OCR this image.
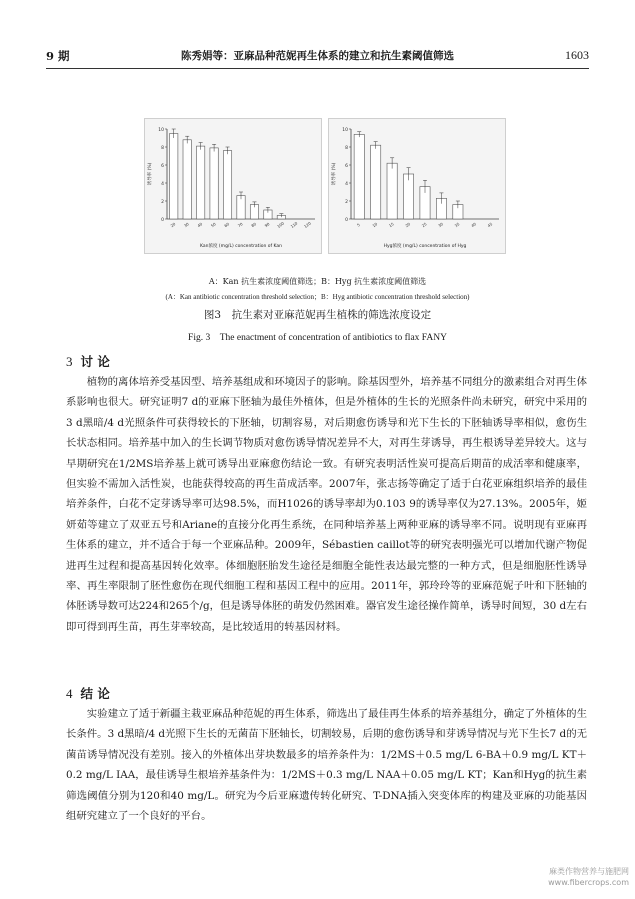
9 期	陈秀娟等：亚麻品种范妮再生体系的建立和抗生素阈值筛选	1603
0
2
4
6
8
10
诱导率 (%)
20 30 40 50 60 70 80 90 100 110 120
Kan浓度 (mg/L) concentration of Kan
0
2
4
6
8
10
诱导率 (%)
5	10	15	20	25	30	35	40	45
Hyg浓度 (mg/L) concentration of Hyg
A：Kan 抗生素浓度阈值筛选；B：Hyg 抗生素浓度阈值筛选
(A：Kan antibiotic concentration threshold selection；B：Hyg antibiotic concentration threshold selection)
图3　抗生素对亚麻范妮再生植株的筛选浓度设定
Fig. 3　The enactment of concentration of antibiotics to flax FANY
3 讨 论

植物的离体培养受基因型、培养基组成和环境因子的影响。除基因型外，培养基不同组分的激素组合对再生体系影响也很大。研究证明7 d的亚麻下胚轴为最佳外植体，但是外植体的生长的光照条件尚未研究，研究中采用的3 d黑暗/4 d光照条件可获得较长的下胚轴，切割容易，对后期愈伤诱导和光下生长的下胚轴诱导率相似，愈伤生长状态相同。培养基中加入的生长调节物质对愈伤诱导情况差异不大，对再生芽诱导，再生根诱导差异较大。这与早期研究在1/2MS培养基上就可诱导出亚麻愈伤结论一致。有研究表明活性炭可提高后期苗的成活率和健康率，但实验不需加入活性炭，也能获得较高的再生苗成活率。2007年，张志扬等确定了适于白花亚麻组织培养的最佳培养条件，白花不定芽诱导率可达98.5%，而H1026的诱导率却为0.103 9的诱导率仅为27.13%。2005年，姬妍茹等建立了双亚五号和Ariane的直接分化再生系统，在同种培养基上两种亚麻的诱导率不同。说明现有亚麻再生体系的建立，并不适合于每一个亚麻品种。2009年，Sébastien caillot等的研究表明强光可以增加代谢产物促进再生过程和提高基因转化效率。体细胞胚胎发生途径是细胞全能性表达最完整的一种方式，但是细胞胚性诱导率、再生率限制了胚性愈伤在现代细胞工程和基因工程中的应用。2011年，郭玲玲等的亚麻范妮子叶和下胚轴的体胚诱导数可达224和265个/g，但是诱导体胚的萌发仍然困难。器官发生途径操作简单，诱导时间短，30 d左右即可得到再生苗，再生芽率较高，是比较适用的转基因材料。

4 结 论

实验建立了适于新疆主栽亚麻品种范妮的再生体系，筛选出了最佳再生体系的培养基组分，确定了外植体的生长条件。3 d黑暗/4 d光照下生长的无菌苗下胚轴长，切割较易，后期的愈伤诱导和芽诱导情况与光下生长7 d的无菌苗诱导情况没有差别。接入的外植体出芽块数最多的培养条件为：1/2MS＋0.5 mg/L 6-BA＋0.9 mg/L KT＋0.2 mg/L IAA，最佳诱导生根培养基条件为：1/2MS＋0.3 mg/L NAA＋0.05 mg/L KT；Kan和Hyg的抗生素筛选阈值分别为120和40 mg/L。研究为今后亚麻遗传转化研究、T-DNA插入突变体库的构建及亚麻的功能基因组研究建立了一个良好的平台。

麻类作物营养与施肥网
www.fibercrops.com
